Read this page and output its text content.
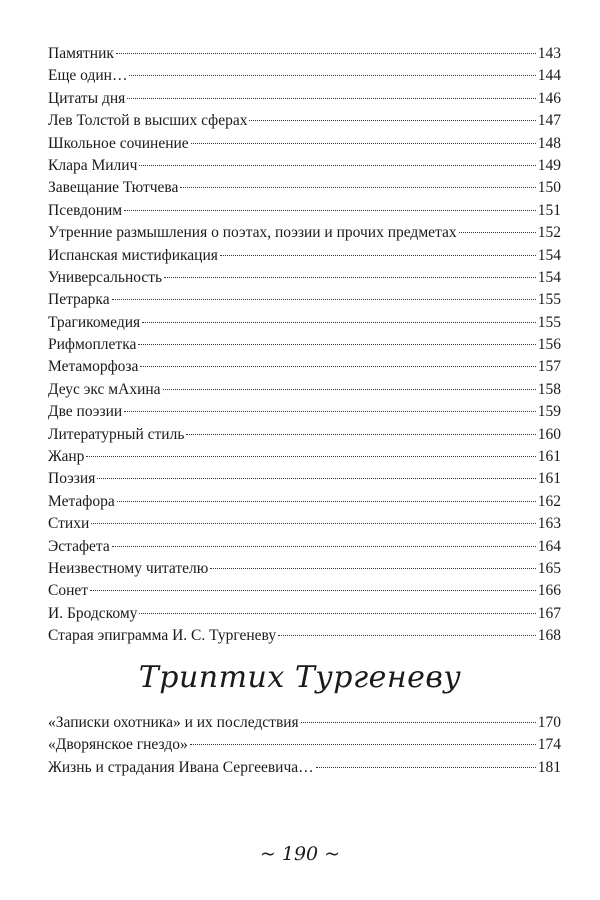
Памятник	143
Еще один…	144
Цитаты дня	146
Лев Толстой в высших сферах	147
Школьное сочинение	148
Клара Милич	149
Завещание Тютчева	150
Псевдоним	151
Утренние размышления о поэтах, поэзии и прочих предметах	152
Испанская мистификация	154
Универсальность	154
Петрарка	155
Трагикомедия	155
Рифмоплетка	156
Метаморфоза	157
Деус экс мАхина	158
Две поэзии	159
Литературный стиль	160
Жанр	161
Поэзия	161
Метафора	162
Стихи	163
Эстафета	164
Неизвестному читателю	165
Сонет	166
И. Бродскому	167
Старая эпиграмма И. С. Тургеневу	168
Триптих Тургеневу
«Записки охотника» и их последствия	170
«Дворянское гнездо»	174
Жизнь и страдания Ивана Сергеевича…	181
~ 190 ~
